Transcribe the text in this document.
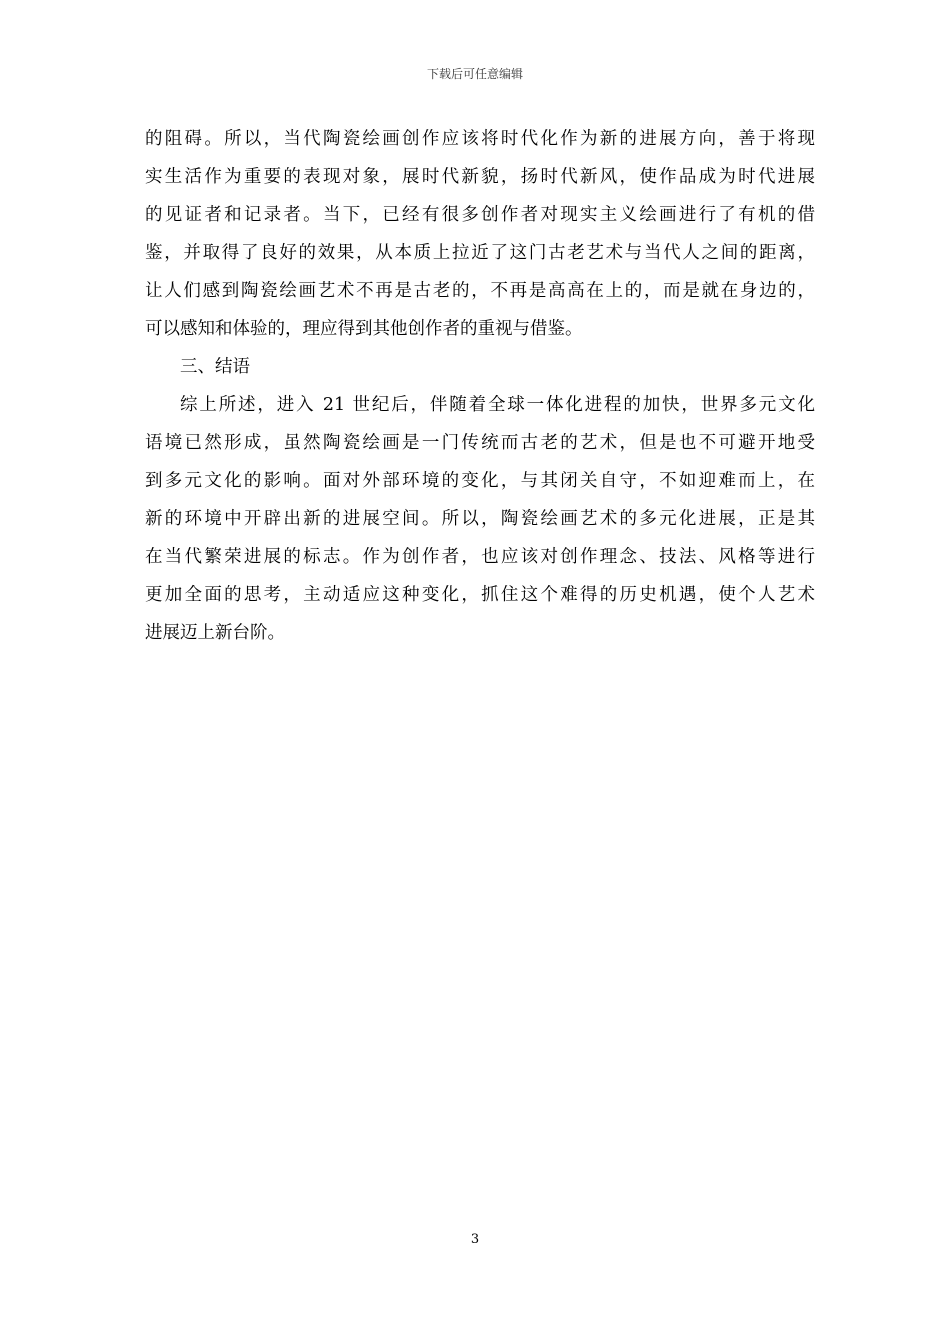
下载后可任意编辑
的阻碍。所以，当代陶瓷绘画创作应该将时代化作为新的进展方向，善于将现
实生活作为重要的表现对象，展时代新貌，扬时代新风，使作品成为时代进展
的见证者和记录者。当下，已经有很多创作者对现实主义绘画进行了有机的借
鉴，并取得了良好的效果，从本质上拉近了这门古老艺术与当代人之间的距离，
让人们感到陶瓷绘画艺术不再是古老的，不再是高高在上的，而是就在身边的，
可以感知和体验的，理应得到其他创作者的重视与借鉴。
三、结语
综上所述，进入 21 世纪后，伴随着全球一体化进程的加快，世界多元文化
语境已然形成，虽然陶瓷绘画是一门传统而古老的艺术，但是也不可避开地受
到多元文化的影响。面对外部环境的变化，与其闭关自守，不如迎难而上，在
新的环境中开辟出新的进展空间。所以，陶瓷绘画艺术的多元化进展，正是其
在当代繁荣进展的标志。作为创作者，也应该对创作理念、技法、风格等进行
更加全面的思考，主动适应这种变化，抓住这个难得的历史机遇，使个人艺术
进展迈上新台阶。
3
